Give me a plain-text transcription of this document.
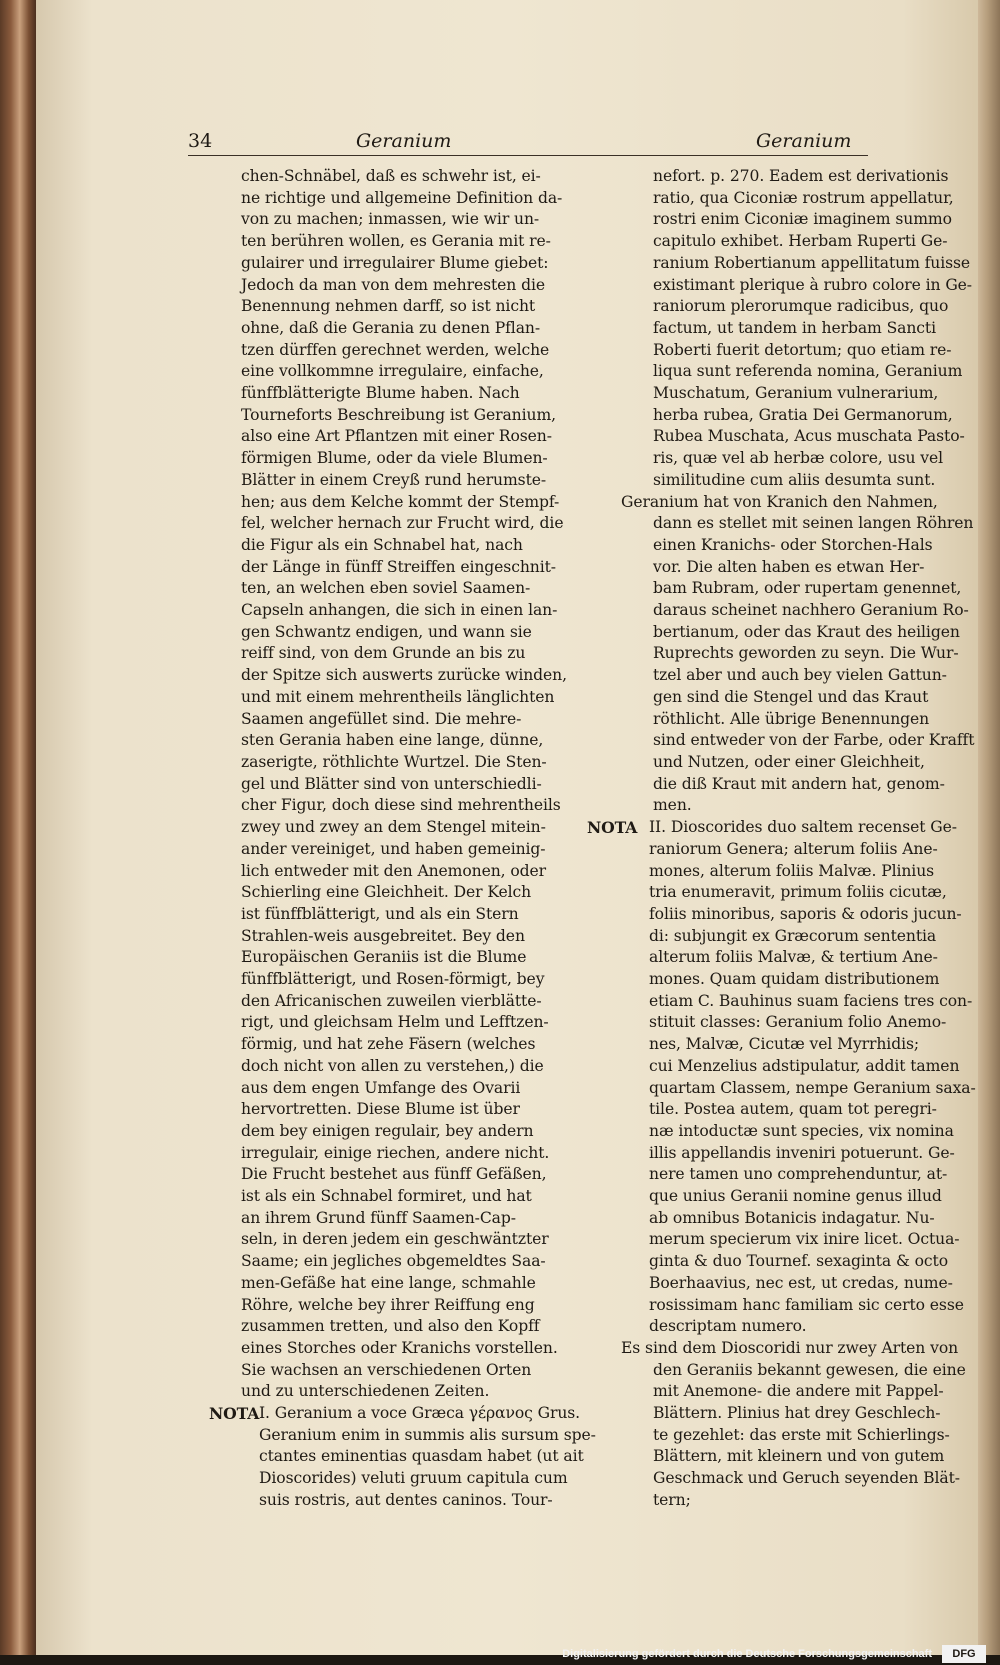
34	Geranium	Geranium

chen-Schnäbel, daß es schwehr ist, ei-

ne richtige und allgemeine Definition da-

von zu machen; inmassen, wie wir un-

ten berühren wollen, es Gerania mit re-

gulairer und irregulairer Blume giebet:

Jedoch da man von dem mehresten die

Benennung nehmen darff, so ist nicht

ohne, daß die Gerania zu denen Pflan-

tzen dürffen gerechnet werden, welche

eine vollkommne irregulaire, einfache,

fünffblätterigte Blume haben. Nach

Tourneforts Beschreibung ist Geranium,

also eine Art Pflantzen mit einer Rosen-

förmigen Blume, oder da viele Blumen-

Blätter in einem Creyß rund herumste-

hen; aus dem Kelche kommt der Stempf-

fel, welcher hernach zur Frucht wird, die

die Figur als ein Schnabel hat, nach

der Länge in fünff Streiffen eingeschnit-

ten, an welchen eben soviel Saamen-

Capseln anhangen, die sich in einen lan-

gen Schwantz endigen, und wann sie

reiff sind, von dem Grunde an bis zu

der Spitze sich auswerts zurücke winden,

und mit einem mehrentheils länglichten

Saamen angefüllet sind. Die mehre-

sten Gerania haben eine lange, dünne,

zaserigte, röthlichte Wurtzel. Die Sten-

gel und Blätter sind von unterschiedli-

cher Figur, doch diese sind mehrentheils

zwey und zwey an dem Stengel mitein-

ander vereiniget, und haben gemeinig-

lich entweder mit den Anemonen, oder

Schierling eine Gleichheit. Der Kelch

ist fünffblätterigt, und als ein Stern

Strahlen-weis ausgebreitet. Bey den

Europäischen Geraniis ist die Blume

fünffblätterigt, und Rosen-förmigt, bey

den Africanischen zuweilen vierblätte-

rigt, und gleichsam Helm und Lefftzen-

förmig, und hat zehe Fäsern (welches

doch nicht von allen zu verstehen,) die

aus dem engen Umfange des Ovarii

hervortretten. Diese Blume ist über

dem bey einigen regulair, bey andern

irregulair, einige riechen, andere nicht.

Die Frucht bestehet aus fünff Gefäßen,

ist als ein Schnabel formiret, und hat

an ihrem Grund fünff Saamen-Cap-

seln, in deren jedem ein geschwäntzter

Saame; ein jegliches obgemeldtes Saa-

men-Gefäße hat eine lange, schmahle

Röhre, welche bey ihrer Reiffung eng

zusammen tretten, und also den Kopff

eines Storches oder Kranichs vorstellen.

Sie wachsen an verschiedenen Orten

und zu unterschiedenen Zeiten.

NOTA I. Geranium a voce Græca γέρανος Grus.

Geranium enim in summis alis sursum spe-

ctantes eminentias quasdam habet (ut ait

Dioscorides) veluti gruum capitula cum

suis rostris, aut dentes caninos. Tour-

nefort. p. 270. Eadem est derivationis

ratio, qua Ciconiæ rostrum appellatur,

rostri enim Ciconiæ imaginem summo

capitulo exhibet. Herbam Ruperti Ge-

ranium Robertianum appellitatum fuisse

existimant plerique à rubro colore in Ge-

raniorum plerorumque radicibus, quo

factum, ut tandem in herbam Sancti

Roberti fuerit detortum; quo etiam re-

liqua sunt referenda nomina, Geranium

Muschatum, Geranium vulnerarium,

herba rubea, Gratia Dei Germanorum,

Rubea Muschata, Acus muschata Pasto-

ris, quæ vel ab herbæ colore, usu vel

similitudine cum aliis desumta sunt.

Geranium hat von Kranich den Nahmen,

dann es stellet mit seinen langen Röhren

einen Kranichs- oder Storchen-Hals

vor. Die alten haben es etwan Her-

bam Rubram, oder rupertam genennet,

daraus scheinet nachhero Geranium Ro-

bertianum, oder das Kraut des heiligen

Ruprechts geworden zu seyn. Die Wur-

tzel aber und auch bey vielen Gattun-

gen sind die Stengel und das Kraut

röthlicht. Alle übrige Benennungen

sind entweder von der Farbe, oder Krafft

und Nutzen, oder einer Gleichheit,

die diß Kraut mit andern hat, genom-

men.

NOTA II. Dioscorides duo saltem recenset Ge-

raniorum Genera; alterum foliis Ane-

mones, alterum foliis Malvæ. Plinius

tria enumeravit, primum foliis cicutæ,

foliis minoribus, saporis & odoris jucun-

di: subjungit ex Græcorum sententia

alterum foliis Malvæ, & tertium Ane-

mones. Quam quidam distributionem

etiam C. Bauhinus suam faciens tres con-

stituit classes: Geranium folio Anemo-

nes, Malvæ, Cicutæ vel Myrrhidis;

cui Menzelius adstipulatur, addit tamen

quartam Classem, nempe Geranium saxa-

tile. Postea autem, quam tot peregri-

næ intoductæ sunt species, vix nomina

illis appellandis inveniri potuerunt. Ge-

nere tamen uno comprehenduntur, at-

que unius Geranii nomine genus illud

ab omnibus Botanicis indagatur. Nu-

merum specierum vix inire licet. Octua-

ginta & duo Tournef. sexaginta & octo

Boerhaavius, nec est, ut credas, nume-

rosissimam hanc familiam sic certo esse

descriptam numero.

Es sind dem Dioscoridi nur zwey Arten von

den Geraniis bekannt gewesen, die eine

mit Anemone- die andere mit Pappel-

Blättern. Plinius hat drey Geschlech-

te gezehlet: das erste mit Schierlings-

Blättern, mit kleinern und von gutem

Geschmack und Geruch seyenden Blät-

tern;

Digitalisierung gefördert durch die Deutsche Forschungsgemeinschaft	DFG
